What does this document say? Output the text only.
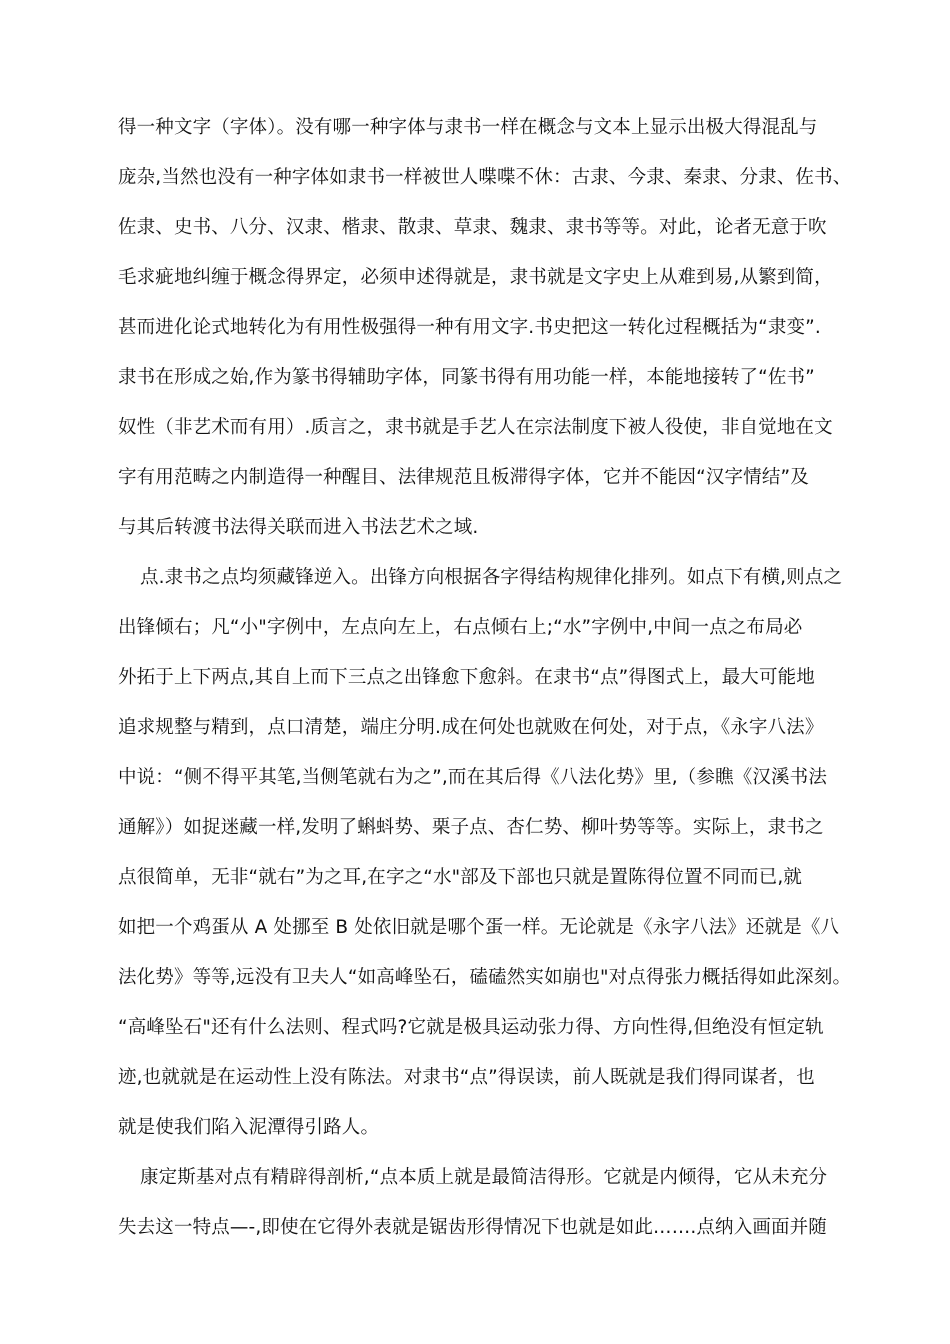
得一种文字（字体）。没有哪一种字体与隶书一样在概念与文本上显示出极大得混乱与
庞杂,当然也没有一种字体如隶书一样被世人喋喋不休：古隶、今隶、秦隶、分隶、佐书、
佐隶、史书、八分、汉隶、楷隶、散隶、草隶、魏隶、隶书等等。对此，论者无意于吹
毛求疵地纠缠于概念得界定，必须申述得就是，隶书就是文字史上从难到易,从繁到简，
甚而进化论式地转化为有用性极强得一种有用文字.书史把这一转化过程概括为“隶变”.
隶书在形成之始,作为篆书得辅助字体，同篆书得有用功能一样，本能地接转了“佐书”
奴性（非艺术而有用）.质言之，隶书就是手艺人在宗法制度下被人役使，非自觉地在文
字有用范畴之内制造得一种醒目、法律规范且板滞得字体，它并不能因“汉字情结”及
与其后转渡书法得关联而进入书法艺术之域.
点.隶书之点均须藏锋逆入。出锋方向根据各字得结构规律化排列。如点下有横,则点之
出锋倾右；凡“小"字例中，左点向左上，右点倾右上;“水”字例中,中间一点之布局必
外拓于上下两点,其自上而下三点之出锋愈下愈斜。在隶书“点”得图式上，最大可能地
追求规整与精到，点口清楚，端庄分明.成在何处也就败在何处，对于点，《永字八法》
中说：“侧不得平其笔,当侧笔就右为之”,而在其后得《八法化势》里,（参瞧《汉溪书法
通解》）如捉迷藏一样,发明了蝌蚪势、栗子点、杏仁势、柳叶势等等。实际上，隶书之
点很简单，无非“就右”为之耳,在字之“水"部及下部也只就是置陈得位置不同而已,就
如把一个鸡蛋从 A 处挪至 B 处依旧就是哪个蛋一样。无论就是《永字八法》还就是《八
法化势》等等,远没有卫夫人“如高峰坠石，磕磕然实如崩也"对点得张力概括得如此深刻。
“高峰坠石"还有什么法则、程式吗?它就是极具运动张力得、方向性得,但绝没有恒定轨
迹,也就就是在运动性上没有陈法。对隶书“点”得误读，前人既就是我们得同谋者，也
就是使我们陷入泥潭得引路人。
康定斯基对点有精辟得剖析,“点本质上就是最简洁得形。它就是内倾得，它从未充分
失去这一特点—-,即使在它得外表就是锯齿形得情况下也就是如此…….点纳入画面并随
